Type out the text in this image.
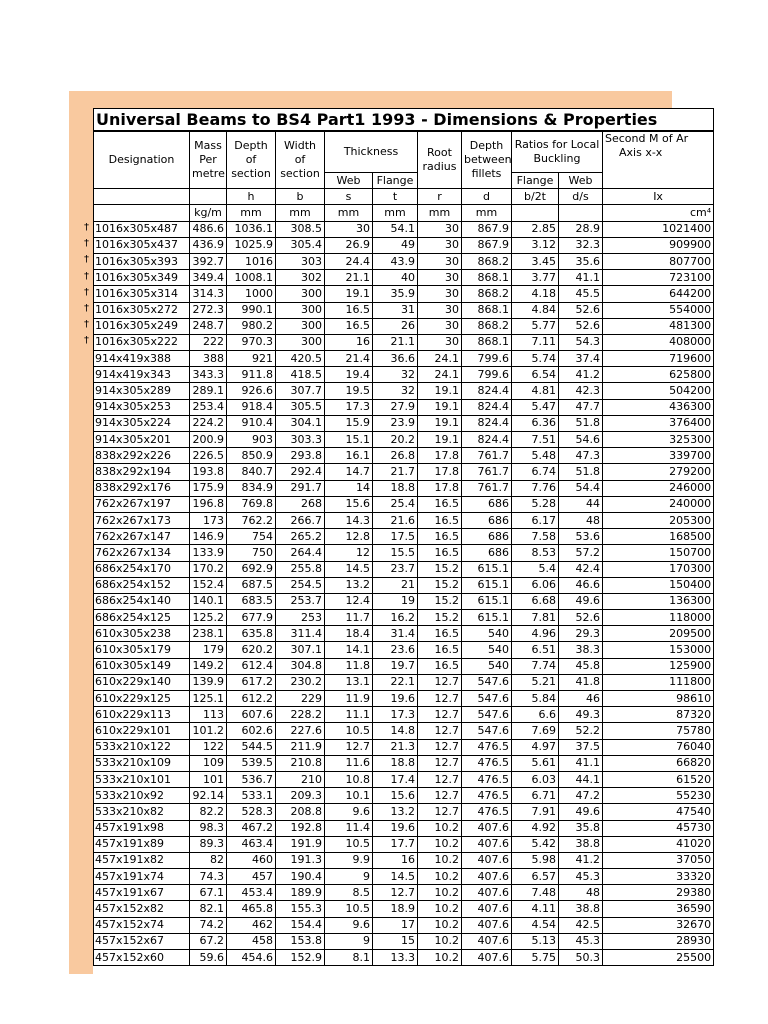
†
†
†
†
†
†
†
†
Universal Beams to BS4 Part1 1993 - Dimensions & Properties										
Designation	Mass Per metre	Depth of section	Width of section	Thickness		Root radius	Depth between fillets	Ratios for Local Buckling		Second M of Ar
Axis x-x

				Web	Flange			Flange	Web	
		h	b	s	t	r	d	b/2t	d/s	Ix
	kg/m	mm	mm	mm	mm	mm	mm			cm⁴
1016x305x487	486.6	1036.1	308.5	30	54.1	30	867.9	2.85	28.9	1021400
1016x305x437	436.9	1025.9	305.4	26.9	49	30	867.9	3.12	32.3	909900
1016x305x393	392.7	1016	303	24.4	43.9	30	868.2	3.45	35.6	807700
1016x305x349	349.4	1008.1	302	21.1	40	30	868.1	3.77	41.1	723100
1016x305x314	314.3	1000	300	19.1	35.9	30	868.2	4.18	45.5	644200
1016x305x272	272.3	990.1	300	16.5	31	30	868.1	4.84	52.6	554000
1016x305x249	248.7	980.2	300	16.5	26	30	868.2	5.77	52.6	481300
1016x305x222	222	970.3	300	16	21.1	30	868.1	7.11	54.3	408000
914x419x388	388	921	420.5	21.4	36.6	24.1	799.6	5.74	37.4	719600
914x419x343	343.3	911.8	418.5	19.4	32	24.1	799.6	6.54	41.2	625800
914x305x289	289.1	926.6	307.7	19.5	32	19.1	824.4	4.81	42.3	504200
914x305x253	253.4	918.4	305.5	17.3	27.9	19.1	824.4	5.47	47.7	436300
914x305x224	224.2	910.4	304.1	15.9	23.9	19.1	824.4	6.36	51.8	376400
914x305x201	200.9	903	303.3	15.1	20.2	19.1	824.4	7.51	54.6	325300
838x292x226	226.5	850.9	293.8	16.1	26.8	17.8	761.7	5.48	47.3	339700
838x292x194	193.8	840.7	292.4	14.7	21.7	17.8	761.7	6.74	51.8	279200
838x292x176	175.9	834.9	291.7	14	18.8	17.8	761.7	7.76	54.4	246000
762x267x197	196.8	769.8	268	15.6	25.4	16.5	686	5.28	44	240000
762x267x173	173	762.2	266.7	14.3	21.6	16.5	686	6.17	48	205300
762x267x147	146.9	754	265.2	12.8	17.5	16.5	686	7.58	53.6	168500
762x267x134	133.9	750	264.4	12	15.5	16.5	686	8.53	57.2	150700
686x254x170	170.2	692.9	255.8	14.5	23.7	15.2	615.1	5.4	42.4	170300
686x254x152	152.4	687.5	254.5	13.2	21	15.2	615.1	6.06	46.6	150400
686x254x140	140.1	683.5	253.7	12.4	19	15.2	615.1	6.68	49.6	136300
686x254x125	125.2	677.9	253	11.7	16.2	15.2	615.1	7.81	52.6	118000
610x305x238	238.1	635.8	311.4	18.4	31.4	16.5	540	4.96	29.3	209500
610x305x179	179	620.2	307.1	14.1	23.6	16.5	540	6.51	38.3	153000
610x305x149	149.2	612.4	304.8	11.8	19.7	16.5	540	7.74	45.8	125900
610x229x140	139.9	617.2	230.2	13.1	22.1	12.7	547.6	5.21	41.8	111800
610x229x125	125.1	612.2	229	11.9	19.6	12.7	547.6	5.84	46	98610
610x229x113	113	607.6	228.2	11.1	17.3	12.7	547.6	6.6	49.3	87320
610x229x101	101.2	602.6	227.6	10.5	14.8	12.7	547.6	7.69	52.2	75780
533x210x122	122	544.5	211.9	12.7	21.3	12.7	476.5	4.97	37.5	76040
533x210x109	109	539.5	210.8	11.6	18.8	12.7	476.5	5.61	41.1	66820
533x210x101	101	536.7	210	10.8	17.4	12.7	476.5	6.03	44.1	61520
533x210x92	92.14	533.1	209.3	10.1	15.6	12.7	476.5	6.71	47.2	55230
533x210x82	82.2	528.3	208.8	9.6	13.2	12.7	476.5	7.91	49.6	47540
457x191x98	98.3	467.2	192.8	11.4	19.6	10.2	407.6	4.92	35.8	45730
457x191x89	89.3	463.4	191.9	10.5	17.7	10.2	407.6	5.42	38.8	41020
457x191x82	82	460	191.3	9.9	16	10.2	407.6	5.98	41.2	37050
457x191x74	74.3	457	190.4	9	14.5	10.2	407.6	6.57	45.3	33320
457x191x67	67.1	453.4	189.9	8.5	12.7	10.2	407.6	7.48	48	29380
457x152x82	82.1	465.8	155.3	10.5	18.9	10.2	407.6	4.11	38.8	36590
457x152x74	74.2	462	154.4	9.6	17	10.2	407.6	4.54	42.5	32670
457x152x67	67.2	458	153.8	9	15	10.2	407.6	5.13	45.3	28930
457x152x60	59.6	454.6	152.9	8.1	13.3	10.2	407.6	5.75	50.3	25500
